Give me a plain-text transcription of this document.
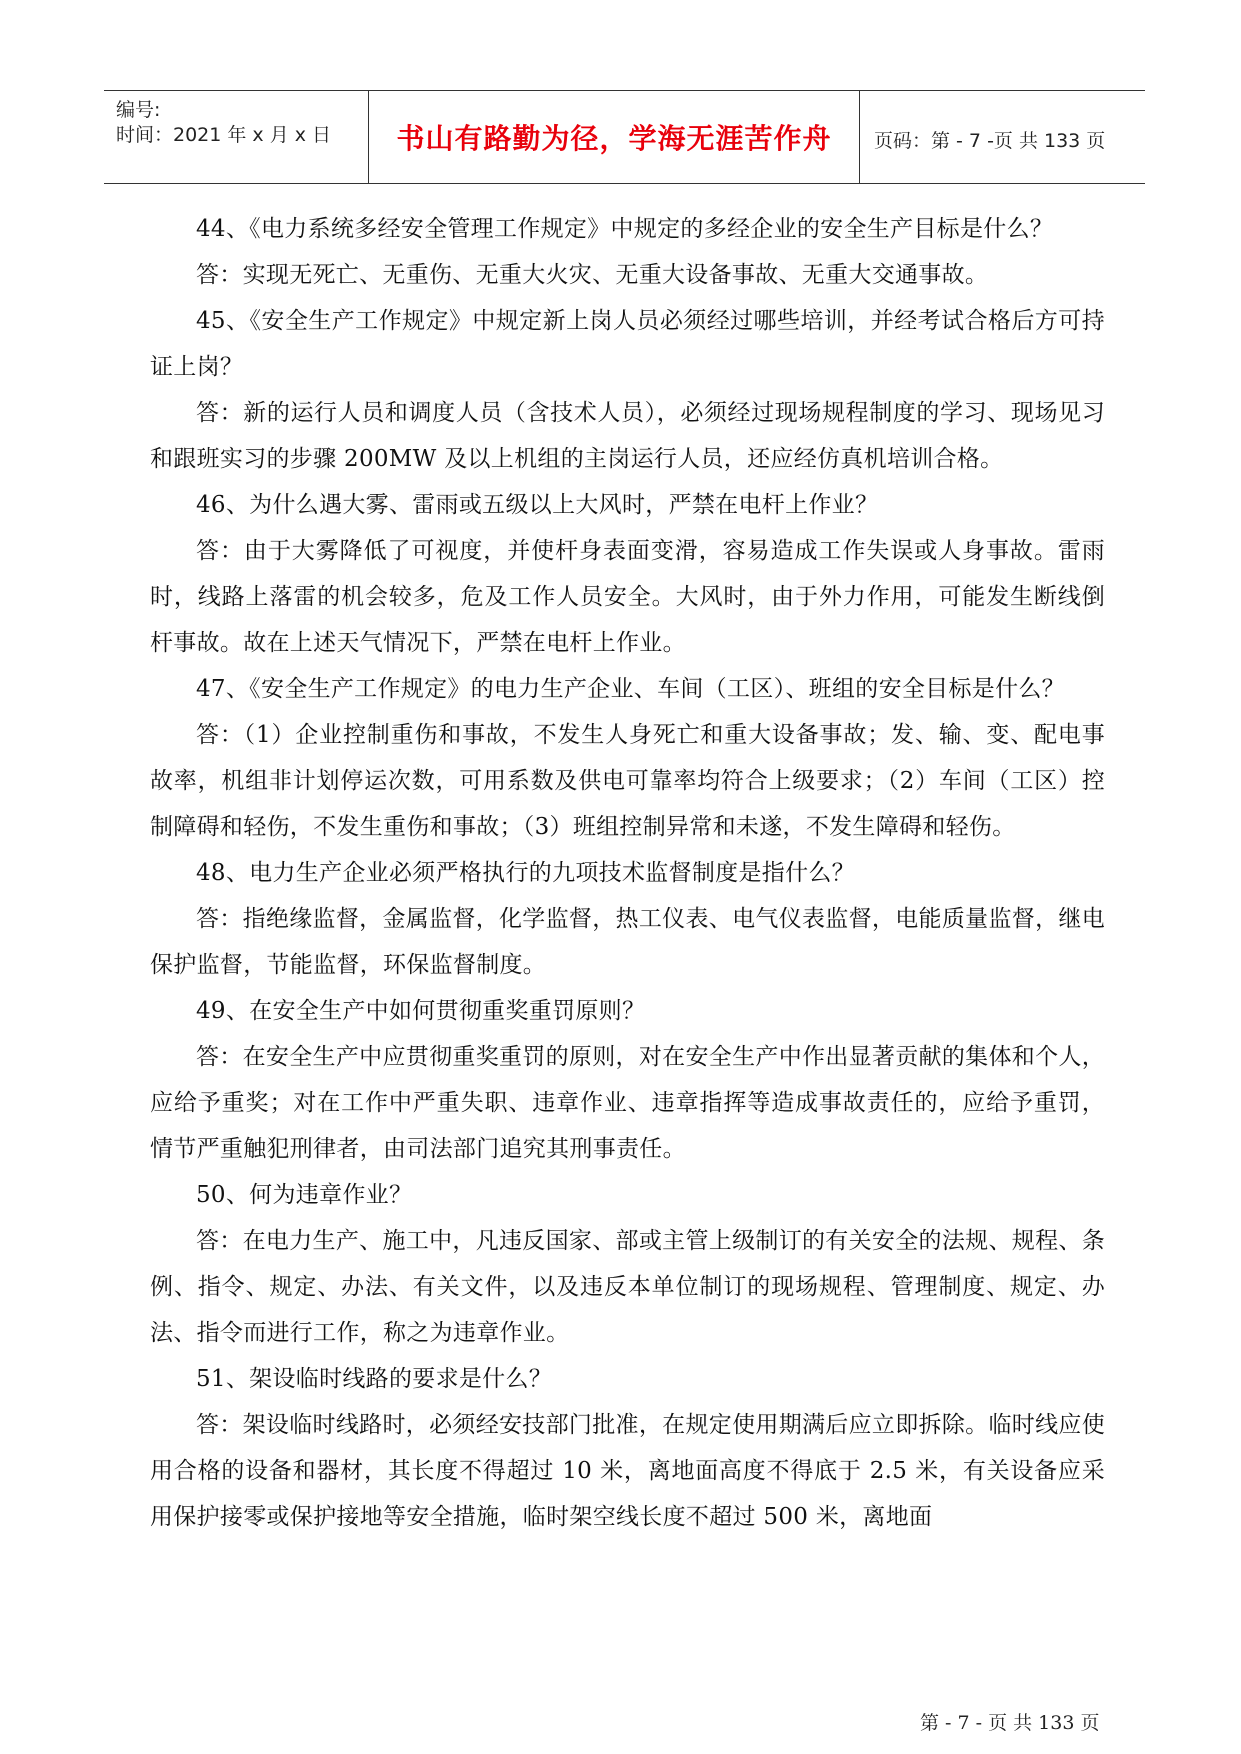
编号:
时间：2021 年 x 月 x 日	书山有路勤为径，学海无涯苦作舟	页码：第 - 7 -页 共 133 页

44、《电力系统多经安全管理工作规定》中规定的多经企业的安全生产目标是什么？

答：实现无死亡、无重伤、无重大火灾、无重大设备事故、无重大交通事故。

45、《安全生产工作规定》中规定新上岗人员必须经过哪些培训，并经考试合格后方可持证上岗？

答：新的运行人员和调度人员（含技术人员），必须经过现场规程制度的学习、现场见习和跟班实习的步骤 200MW 及以上机组的主岗运行人员，还应经仿真机培训合格。

46、为什么遇大雾、雷雨或五级以上大风时，严禁在电杆上作业？

答：由于大雾降低了可视度，并使杆身表面变滑，容易造成工作失误或人身事故。雷雨时，线路上落雷的机会较多，危及工作人员安全。大风时，由于外力作用，可能发生断线倒杆事故。故在上述天气情况下，严禁在电杆上作业。

47、《安全生产工作规定》的电力生产企业、车间（工区）、班组的安全目标是什么？

答：（1）企业控制重伤和事故，不发生人身死亡和重大设备事故；发、输、变、配电事故率，机组非计划停运次数，可用系数及供电可靠率均符合上级要求；（2）车间（工区）控制障碍和轻伤，不发生重伤和事故；（3）班组控制异常和未遂，不发生障碍和轻伤。

48、电力生产企业必须严格执行的九项技术监督制度是指什么？

答：指绝缘监督，金属监督，化学监督，热工仪表、电气仪表监督，电能质量监督，继电保护监督，节能监督，环保监督制度。

49、在安全生产中如何贯彻重奖重罚原则？

答：在安全生产中应贯彻重奖重罚的原则，对在安全生产中作出显著贡献的集体和个人，应给予重奖；对在工作中严重失职、违章作业、违章指挥等造成事故责任的，应给予重罚，情节严重触犯刑律者，由司法部门追究其刑事责任。

50、何为违章作业？

答：在电力生产、施工中，凡违反国家、部或主管上级制订的有关安全的法规、规程、条例、指令、规定、办法、有关文件，以及违反本单位制订的现场规程、管理制度、规定、办法、指令而进行工作，称之为违章作业。

51、架设临时线路的要求是什么？

答：架设临时线路时，必须经安技部门批准，在规定使用期满后应立即拆除。临时线应使用合格的设备和器材，其长度不得超过 10 米，离地面高度不得底于 2.5 米，有关设备应采用保护接零或保护接地等安全措施，临时架空线长度不超过 500 米，离地面

第 - 7 - 页 共 133 页
